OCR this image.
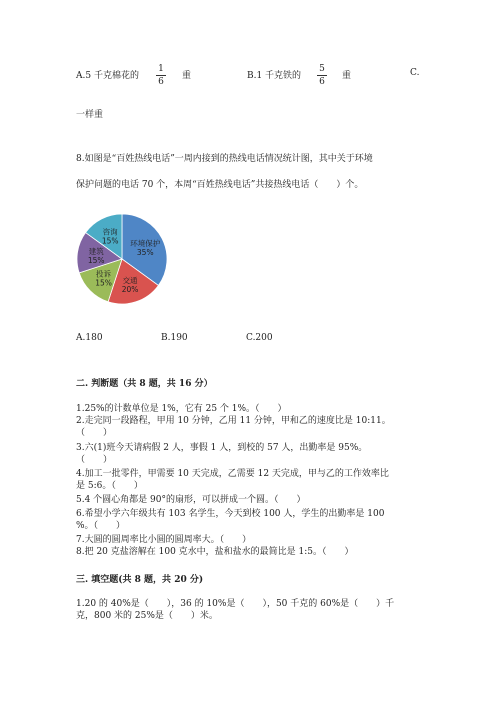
A.5 千克棉花的
1
6
重	B.1 千克铁的
5
6
重	C.
一样重
8.如图是“百姓热线电话”一周内接到的热线电话情况统计图，其中关于环境
保护问题的电话 70 个，本周“百姓热线电话”共接热线电话（　　）个。
环境保护
35%
交通
20%
投诉
15%
建筑
15%
咨询
15%
A.180	B.190	C.200
二. 判断题（共 8 题，共 16 分）
1.25%的计数单位是 1%，它有 25 个 1%。（　　）
2.走完同一段路程，甲用 10 分钟，乙用 11 分钟，甲和乙的速度比是 10:11。
（　　）
3.六(1)班今天请病假 2 人，事假 1 人，到校的 57 人，出勤率是 95%。
（　　）
4.加工一批零件，甲需要 10 天完成，乙需要 12 天完成，甲与乙的工作效率比
是 5:6。（　　）
5.4 个圆心角都是 90°的扇形，可以拼成一个圆。（　　）
6.希望小学六年级共有 103 名学生，今天到校 100 人，学生的出勤率是 100
%。（　　）
7.大圆的圆周率比小圆的圆周率大。（　　）
8.把 20 克盐溶解在 100 克水中，盐和盐水的最简比是 1:5。（　　）
三. 填空题(共 8 题，共 20 分)
1.20 的 40%是（　　），36 的 10%是（　　），50 千克的 60%是（　　）千
克，800 米的 25%是（　　）米。
